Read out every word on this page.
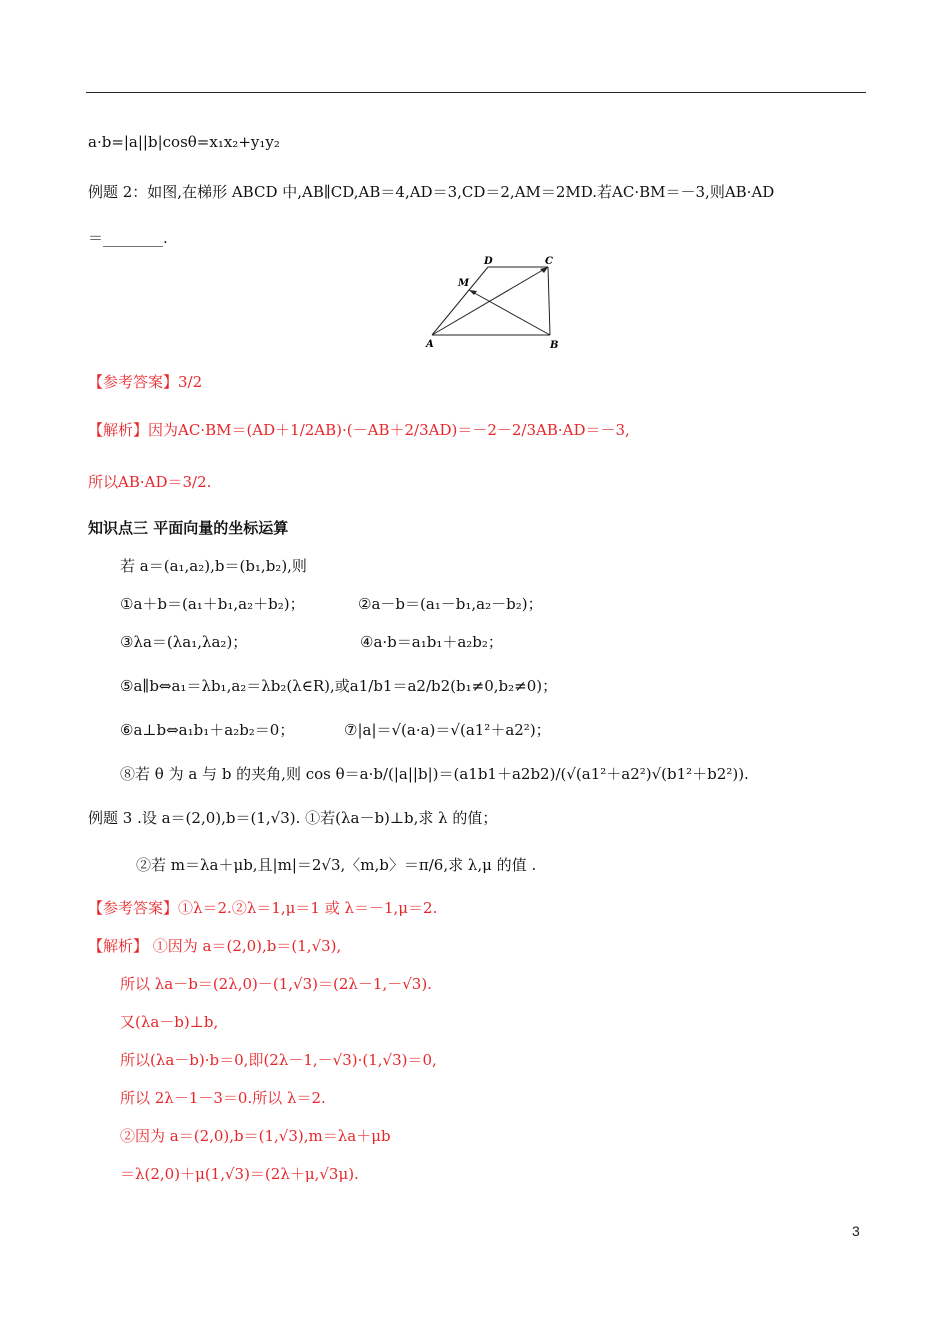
a·b=|a||b|cosθ=x₁x₂+y₁y₂
例题 2：如图,在梯形 ABCD 中,AB∥CD,AB＝4,AD＝3,CD＝2,AM＝2MD.若AC·BM＝－3,则AB·AD
＝________.
A	B
C
D
M
【参考答案】3/2
【解析】因为AC·BM＝(AD＋1/2AB)·(－AB＋2/3AD)＝－2－2/3AB·AD＝－3,
所以AB·AD＝3/2.
知识点三 平面向量的坐标运算
若 a＝(a₁,a₂),b＝(b₁,b₂),则
①a＋b＝(a₁＋b₁,a₂＋b₂)；	②a－b＝(a₁－b₁,a₂－b₂)；
③λa＝(λa₁,λa₂)；	④a·b＝a₁b₁＋a₂b₂；
⑤a∥b⇔a₁＝λb₁,a₂＝λb₂(λ∈R),或a1/b1＝a2/b2(b₁≠0,b₂≠0)；
⑥a⊥b⇔a₁b₁＋a₂b₂＝0；	⑦|a|＝√(a·a)＝√(a1²＋a2²)；
⑧若 θ 为 a 与 b 的夹角,则 cos θ＝a·b/(|a||b|)＝(a1b1＋a2b2)/(√(a1²＋a2²)√(b1²＋b2²)).
例题 3 .设 a＝(2,0),b＝(1,√3). ①若(λa－b)⊥b,求 λ 的值；
②若 m＝λa＋μb,且|m|＝2√3,〈m,b〉＝π/6,求 λ,μ 的值 .
【参考答案】①λ＝2.②λ＝1,μ＝1 或 λ＝－1,μ＝2.
【解析】 ①因为 a＝(2,0),b＝(1,√3),
所以 λa－b＝(2λ,0)－(1,√3)＝(2λ－1,－√3).
又(λa－b)⊥b,
所以(λa－b)·b＝0,即(2λ－1,－√3)·(1,√3)＝0,
所以 2λ－1－3＝0.所以 λ＝2.
②因为 a＝(2,0),b＝(1,√3),m＝λa＋μb
＝λ(2,0)＋μ(1,√3)＝(2λ＋μ,√3μ).
3
